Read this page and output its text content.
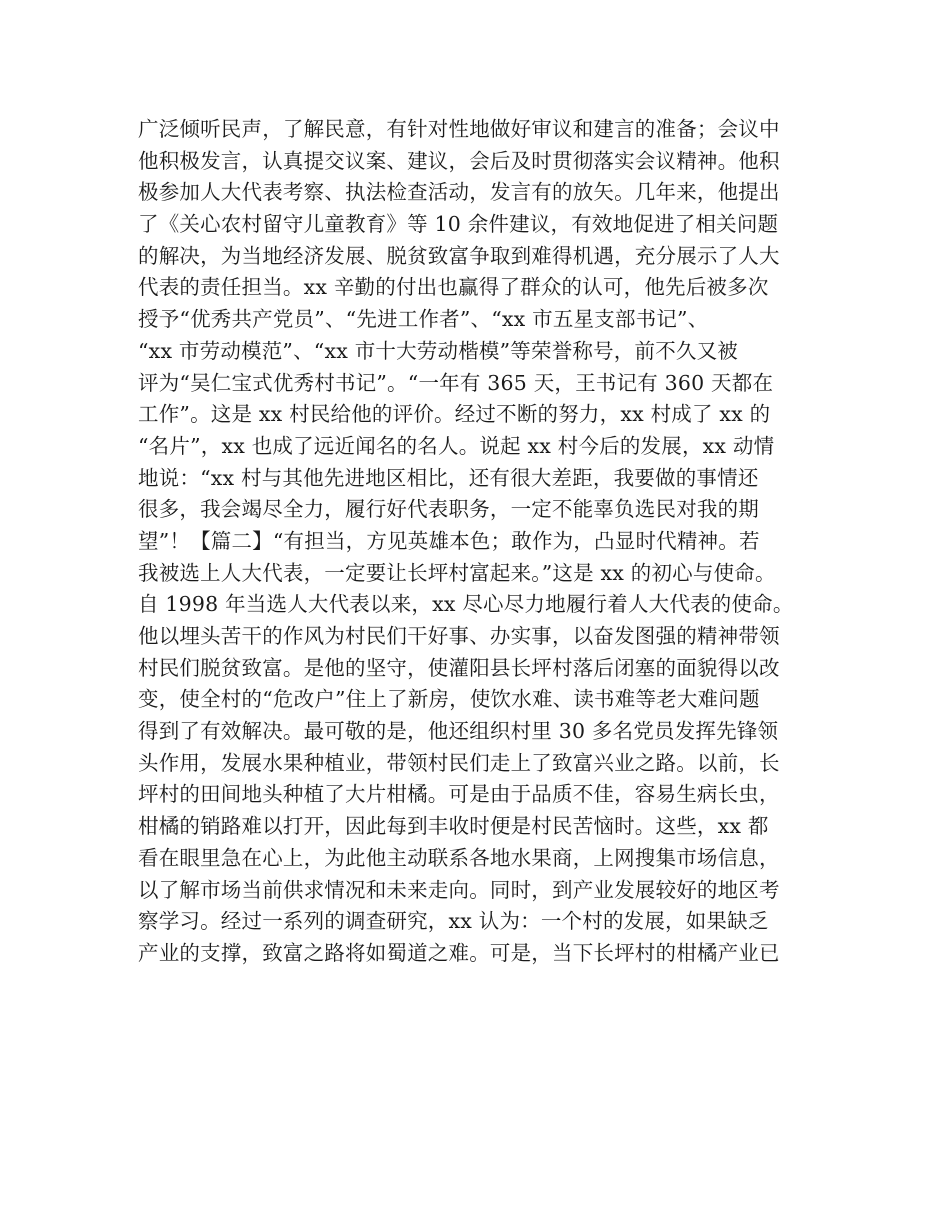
广泛倾听民声，了解民意，有针对性地做好审议和建言的准备；会议中
他积极发言，认真提交议案、建议，会后及时贯彻落实会议精神。他积
极参加人大代表考察、执法检查活动，发言有的放矢。几年来，他提出
了《关心农村留守儿童教育》等 10 余件建议，有效地促进了相关问题
的解决，为当地经济发展、脱贫致富争取到难得机遇，充分展示了人大
代表的责任担当。xx 辛勤的付出也赢得了群众的认可，他先后被多次
授予“优秀共产党员”、“先进工作者”、“xx 市五星支部书记”、
“xx 市劳动模范”、“xx 市十大劳动楷模”等荣誉称号，前不久又被
评为“吴仁宝式优秀村书记”。“一年有 365 天，王书记有 360 天都在
工作”。这是 xx 村民给他的评价。经过不断的努力，xx 村成了 xx 的
“名片”，xx 也成了远近闻名的名人。说起 xx 村今后的发展，xx 动情
地说：“xx 村与其他先进地区相比，还有很大差距，我要做的事情还
很多，我会竭尽全力，履行好代表职务，一定不能辜负选民对我的期
望”！【篇二】“有担当，方见英雄本色；敢作为，凸显时代精神。若
我被选上人大代表，一定要让长坪村富起来。”这是 xx 的初心与使命。
自 1998 年当选人大代表以来，xx 尽心尽力地履行着人大代表的使命。
他以埋头苦干的作风为村民们干好事、办实事，以奋发图强的精神带领
村民们脱贫致富。是他的坚守，使灌阳县长坪村落后闭塞的面貌得以改
变，使全村的“危改户”住上了新房，使饮水难、读书难等老大难问题
得到了有效解决。最可敬的是，他还组织村里 30 多名党员发挥先锋领
头作用，发展水果种植业，带领村民们走上了致富兴业之路。以前，长
坪村的田间地头种植了大片柑橘。可是由于品质不佳，容易生病长虫，
柑橘的销路难以打开，因此每到丰收时便是村民苦恼时。这些，xx 都
看在眼里急在心上，为此他主动联系各地水果商，上网搜集市场信息，
以了解市场当前供求情况和未来走向。同时，到产业发展较好的地区考
察学习。经过一系列的调查研究，xx 认为：一个村的发展，如果缺乏
产业的支撑，致富之路将如蜀道之难。可是，当下长坪村的柑橘产业已
